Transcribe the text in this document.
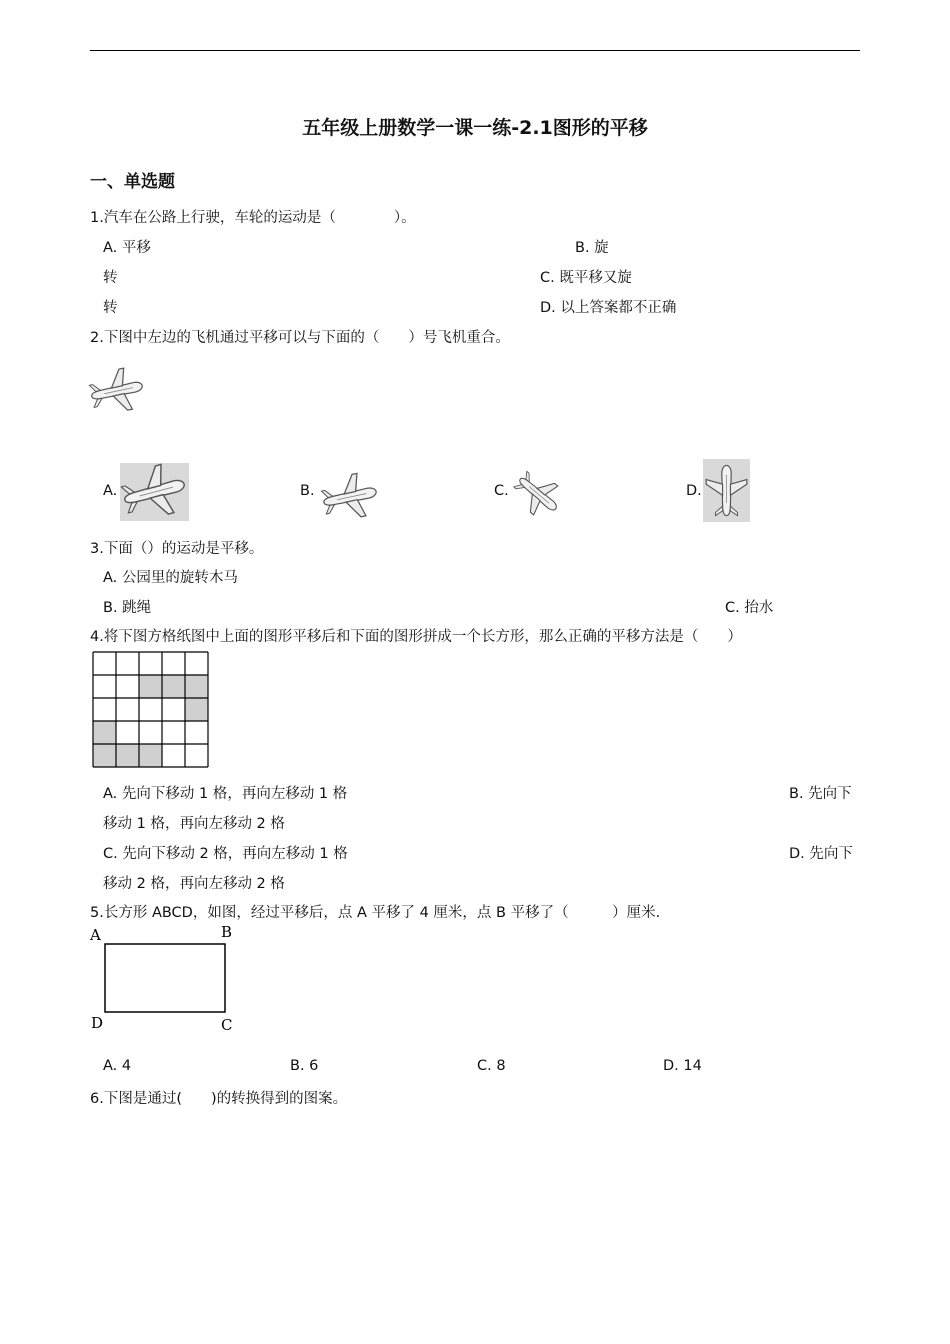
五年级上册数学一课一练-2.1图形的平移
一、单选题
1.汽车在公路上行驶，车轮的运动是（　　　　）。
A. 平移	B. 旋
转	C. 既平移又旋
转	D. 以上答案都不正确
2.下图中左边的飞机通过平移可以与下面的（　　）号飞机重合。
A.	B.	C.	D.
3.下面（）的运动是平移。
A. 公园里的旋转木马
B. 跳绳	C. 抬水
4.将下图方格纸图中上面的图形平移后和下面的图形拼成一个长方形，那么正确的平移方法是（　　）
A. 先向下移动 1 格，再向左移动 1 格	B. 先向下
移动 1 格，再向左移动 2 格
C. 先向下移动 2 格，再向左移动 1 格	D. 先向下
移动 2 格，再向左移动 2 格
5.长方形 ABCD，如图，经过平移后，点 A 平移了 4 厘米，点 B 平移了（　　　）厘米.
A	B
D	C
A. 4	B. 6	C. 8	D. 14
6.下图是通过(　　)的转换得到的图案。
